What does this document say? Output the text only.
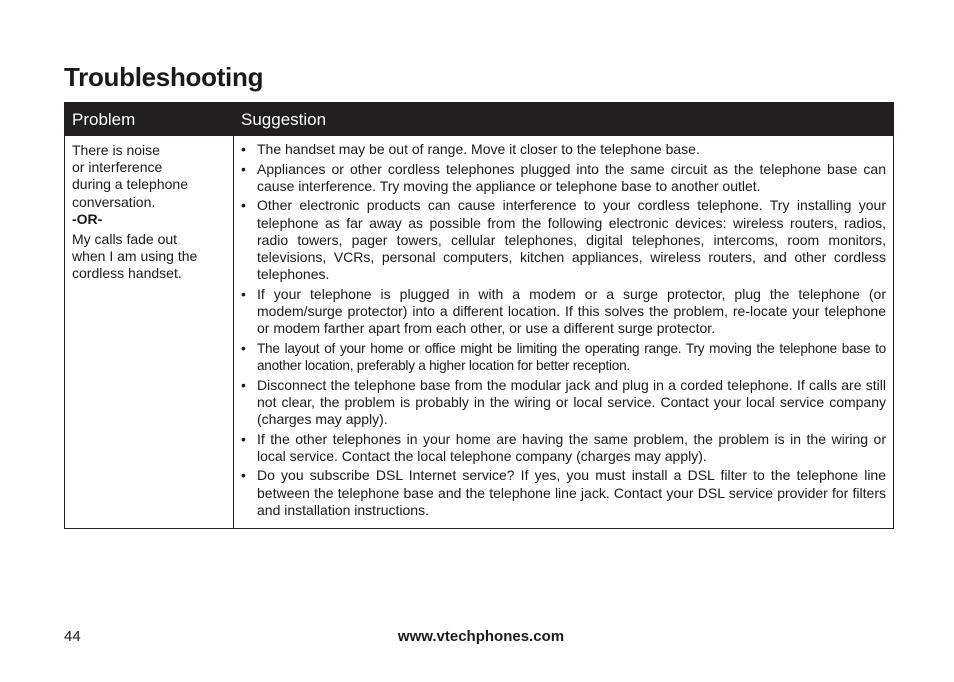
Troubleshooting
Problem	Suggestion

There is noise
or interference
during a telephone
conversation.

-OR-

My calls fade out
when I am using the
cordless handset.

• The handset may be out of range. Move it closer to the telephone base.
• Appliances or other cordless telephones plugged into the same circuit as the telephone base can cause interference. Try moving the appliance or telephone base to another outlet.
• Other electronic products can cause interference to your cordless telephone. Try installing your telephone as far away as possible from the following electronic devices: wireless routers, radios, radio towers, pager towers, cellular telephones, digital telephones, intercoms, room monitors, televisions, VCRs, personal computers, kitchen appliances, wireless routers, and other cordless telephones.
• If your telephone is plugged in with a modem or a surge protector, plug the telephone (or modem/surge protector) into a different location. If this solves the problem, re-locate your telephone or modem farther apart from each other, or use a different surge protector.
• The layout of your home or office might be limiting the operating range. Try moving the telephone base to another location, preferably a higher location for better reception.
• Disconnect the telephone base from the modular jack and plug in a corded telephone. If calls are still not clear, the problem is probably in the wiring or local service. Contact your local service company (charges may apply).
• If the other telephones in your home are having the same problem, the problem is in the wiring or local service. Contact the local telephone company (charges may apply).
• Do you subscribe DSL Internet service? If yes, you must install a DSL filter to the telephone line between the telephone base and the telephone line jack. Contact your DSL service provider for filters and installation instructions.
44	www.vtechphones.com
